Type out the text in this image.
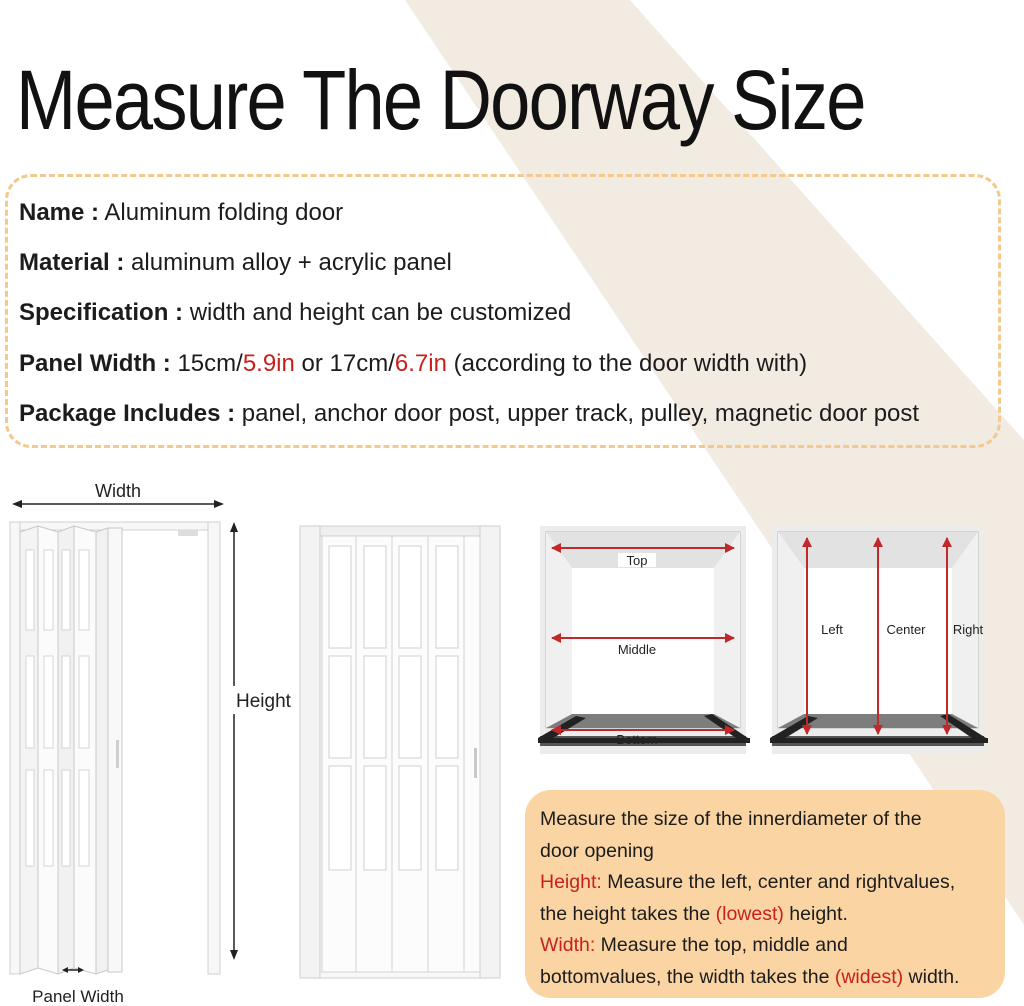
Measure The Doorway Size
Name : Aluminum folding door
Material : aluminum alloy + acrylic panel
Specification : width and height can be customized
Panel Width : 15cm/5.9in or 17cm/6.7in (according to the door width with)
Package Includes : panel, anchor door post, upper track, pulley, magnetic door post
Width
Height
Panel Width
Top
Middle
Bottom
Left	Center Right

Measure the size of the innerdiameter of the

door opening

Height: Measure the left, center and rightvalues,

the height takes the (lowest) height.

Width: Measure the top, middle and

bottomvalues, the width takes the (widest) width.
